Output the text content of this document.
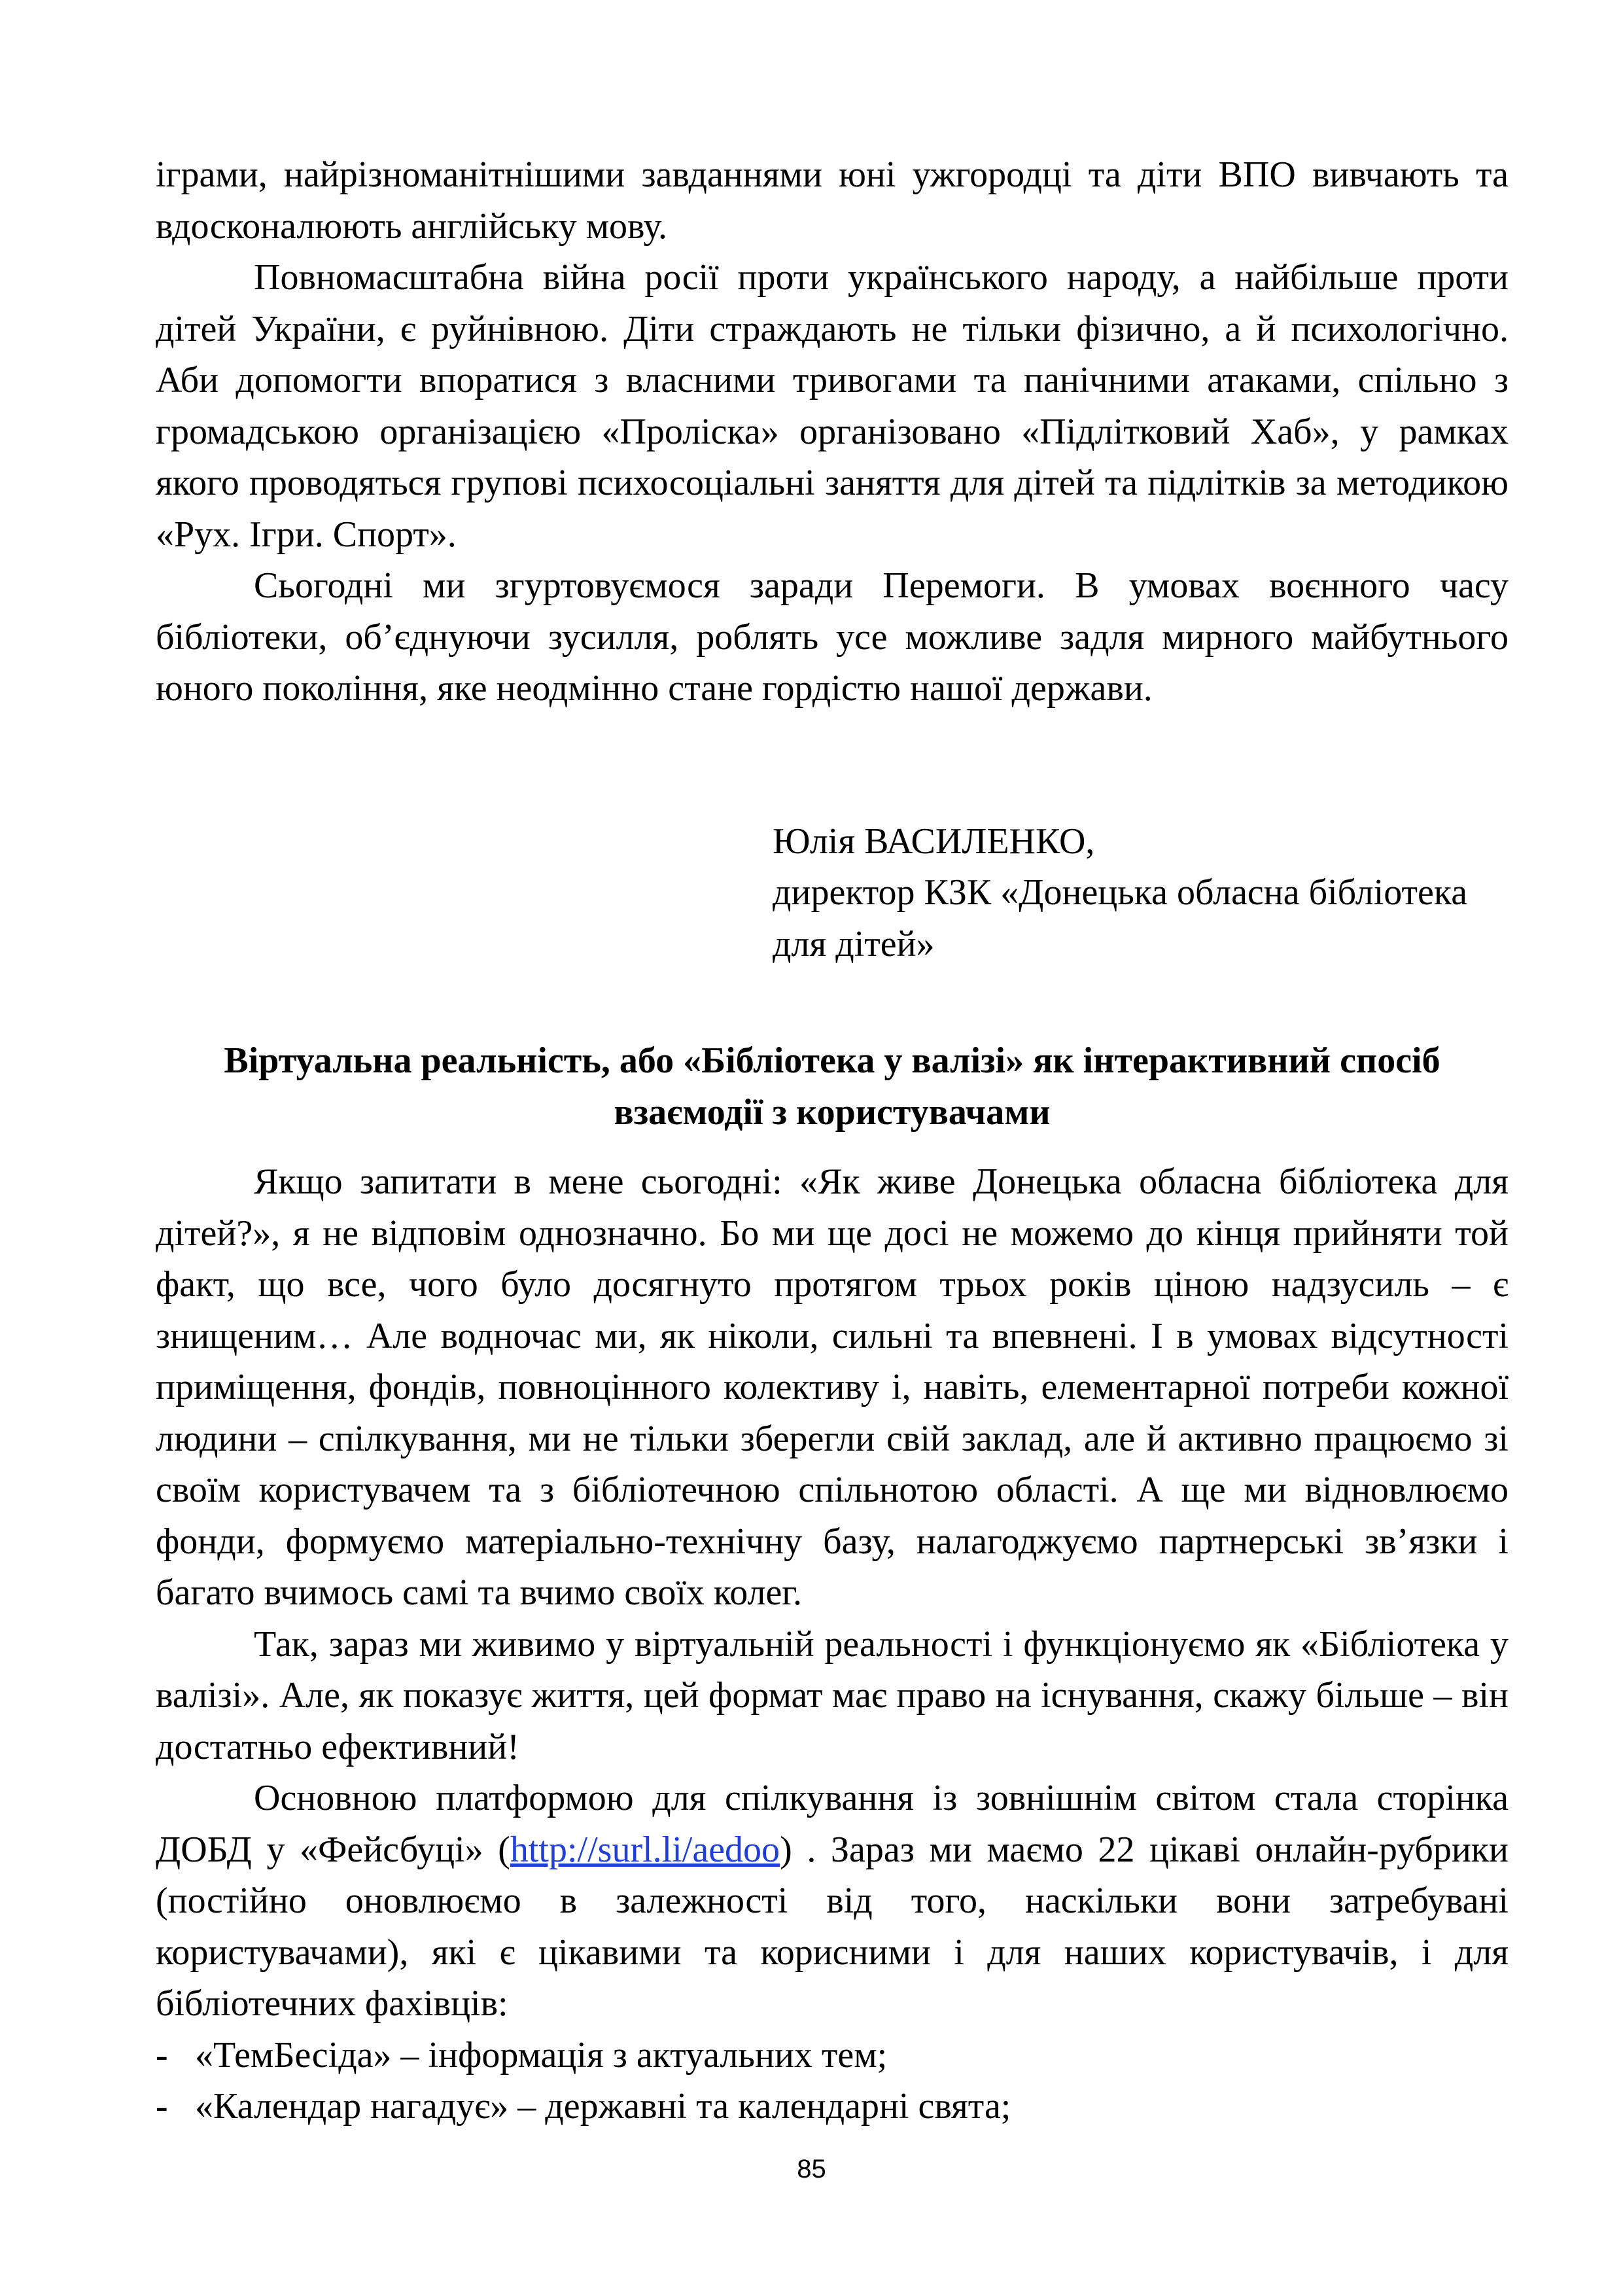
іграми, найрізноманітнішими завданнями юні ужгородці та діти ВПО вивчають та вдосконалюють англійську мову.

Повномасштабна війна росії проти українського народу, а найбільше проти дітей України, є руйнівною. Діти страждають не тільки фізично, а й психологічно. Аби допомогти впоратися з власними тривогами та панічними атаками, спільно з громадською організацією «Проліска» організовано «Підлітковий Хаб», у рамках якого проводяться групові психосоціальні заняття для дітей та підлітків за методикою «Рух. Ігри. Спорт».

Сьогодні ми згуртовуємося заради Перемоги. В умовах воєнного часу бібліотеки, об’єднуючи зусилля, роблять усе можливе задля мирного майбутнього юного покоління, яке неодмінно стане гордістю нашої держави.

Юлія ВАСИЛЕНКО,
директор КЗК «Донецька обласна бібліотека
для дітей»
Віртуальна реальність, або «Бібліотека у валізі» як інтерактивний спосіб
взаємодії з користувачами

Якщо запитати в мене сьогодні: «Як живе Донецька обласна бібліотека для дітей?», я не відповім однозначно. Бо ми ще досі не можемо до кінця прийняти той факт, що все, чого було досягнуто протягом трьох років ціною надзусиль – є знищеним… Але водночас ми, як ніколи, сильні та впевнені. І в умовах відсутності приміщення, фондів, повноцінного колективу і, навіть, елементарної потреби кожної людини – спілкування, ми не тільки зберегли свій заклад, але й активно працюємо зі своїм користувачем та з бібліотечною спільнотою області. А ще ми відновлюємо фонди, формуємо матеріально-технічну базу, налагоджуємо партнерські зв’язки і багато вчимось самі та вчимо своїх колег.

Так, зараз ми живимо у віртуальній реальності і функціонуємо як «Бібліотека у валізі». Але, як показує життя, цей формат має право на існування, скажу більше – він достатньо ефективний!

Основною платформою для спілкування із зовнішнім світом стала сторінка ДОБД у «Фейсбуці» (http://surl.li/aedoo) . Зараз ми маємо 22 цікаві онлайн-рубрики (постійно оновлюємо в залежності від того, наскільки вони затребувані користувачами), які є цікавими та корисними і для наших користувачів, і для бібліотечних фахівців:

- «ТемБесіда» – інформація з актуальних тем;
- «Календар нагадує» – державні та календарні свята;
85
